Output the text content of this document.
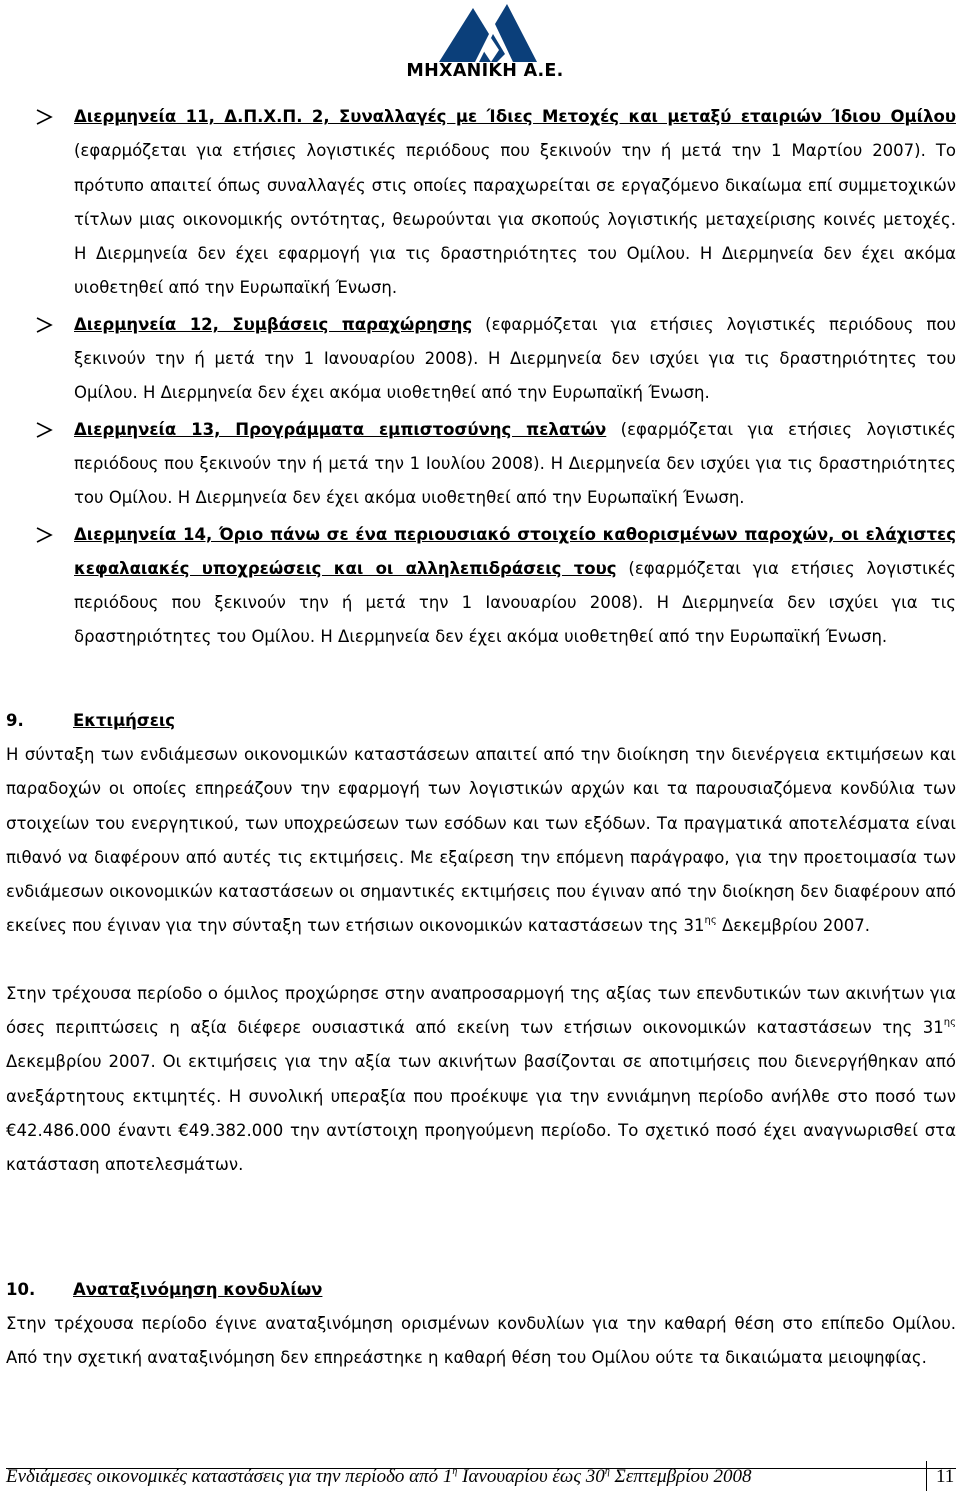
ΜΗΧΑΝΙΚΗ Α.Ε.
Διερμηνεία 11, Δ.Π.Χ.Π. 2, Συναλλαγές με Ίδιες Μετοχές και μεταξύ εταιριών Ίδιου Ομίλου (εφαρμόζεται για ετήσιες λογιστικές περιόδους που ξεκινούν την ή μετά την 1 Μαρτίου 2007). Το πρότυπο απαιτεί όπως συναλλαγές στις οποίες παραχωρείται σε εργαζόμενο δικαίωμα επί συμμετοχικών τίτλων μιας οικονομικής οντότητας, θεωρούνται για σκοπούς λογιστικής μεταχείρισης κοινές μετοχές. Η Διερμηνεία δεν έχει εφαρμογή για τις δραστηριότητες του Ομίλου. Η Διερμηνεία δεν έχει ακόμα υιοθετηθεί από την Ευρωπαϊκή Ένωση.
Διερμηνεία 12, Συμβάσεις παραχώρησης (εφαρμόζεται για ετήσιες λογιστικές περιόδους που ξεκινούν την ή μετά την 1 Ιανουαρίου 2008). Η Διερμηνεία δεν ισχύει για τις δραστηριότητες του Ομίλου. Η Διερμηνεία δεν έχει ακόμα υιοθετηθεί από την Ευρωπαϊκή Ένωση.
Διερμηνεία 13, Προγράμματα εμπιστοσύνης πελατών (εφαρμόζεται για ετήσιες λογιστικές περιόδους που ξεκινούν την ή μετά την 1 Ιουλίου 2008). Η Διερμηνεία δεν ισχύει για τις δραστηριότητες του Ομίλου. Η Διερμηνεία δεν έχει ακόμα υιοθετηθεί από την Ευρωπαϊκή Ένωση.
Διερμηνεία 14, Όριο πάνω σε ένα περιουσιακό στοιχείο καθορισμένων παροχών, οι ελάχιστες κεφαλαιακές υποχρεώσεις και οι αλληλεπιδράσεις τους (εφαρμόζεται για ετήσιες λογιστικές περιόδους που ξεκινούν την ή μετά την 1 Ιανουαρίου 2008). Η Διερμηνεία δεν ισχύει για τις δραστηριότητες του Ομίλου. Η Διερμηνεία δεν έχει ακόμα υιοθετηθεί από την Ευρωπαϊκή Ένωση.
9.	Εκτιμήσεις

Η σύνταξη των ενδιάμεσων οικονομικών καταστάσεων απαιτεί από την διοίκηση την διενέργεια εκτιμήσεων και παραδοχών οι οποίες επηρεάζουν την εφαρμογή των λογιστικών αρχών και τα παρουσιαζόμενα κονδύλια των στοιχείων του ενεργητικού, των υποχρεώσεων των εσόδων και των εξόδων. Τα πραγματικά αποτελέσματα είναι πιθανό να διαφέρουν από αυτές τις εκτιμήσεις. Με εξαίρεση την επόμενη παράγραφο, για την προετοιμασία των ενδιάμεσων οικονομικών καταστάσεων οι σημαντικές εκτιμήσεις που έγιναν από την διοίκηση δεν διαφέρουν από εκείνες που έγιναν για την σύνταξη των ετήσιων οικονομικών καταστάσεων της $31^{\eta\varsigma}$ Δεκεμβρίου 2007.

Στην τρέχουσα περίοδο ο όμιλος προχώρησε στην αναπροσαρμογή της αξίας των επενδυτικών των ακινήτων για όσες περιπτώσεις η αξία διέφερε ουσιαστικά από εκείνη των ετήσιων οικονομικών καταστάσεων της $31^{\eta\varsigma}$ Δεκεμβρίου 2007. Οι εκτιμήσεις για την αξία των ακινήτων βασίζονται σε αποτιμήσεις που διενεργήθηκαν από ανεξάρτητους εκτιμητές. Η συνολική υπεραξία που προέκυψε για την εννιάμηνη περίοδο ανήλθε στο ποσό των €42.486.000 έναντι €49.382.000 την αντίστοιχη προηγούμενη περίοδο. Το σχετικό ποσό έχει αναγνωρισθεί στα κατάσταση αποτελεσμάτων.

10. Αναταξινόμηση κονδυλίων

Στην τρέχουσα περίοδο έγινε αναταξινόμηση ορισμένων κονδυλίων για την καθαρή θέση στο επίπεδο Ομίλου. Από την σχετική αναταξινόμηση δεν επηρεάστηκε η καθαρή θέση του Ομίλου ούτε τα δικαιώματα μειοψηφίας.

Ενδιάμεσες οικονομικές καταστάσεις για την περίοδο από $1^\eta$ Ιανουαρίου έως $30^\eta$ Σεπτεμβρίου 2008	11
